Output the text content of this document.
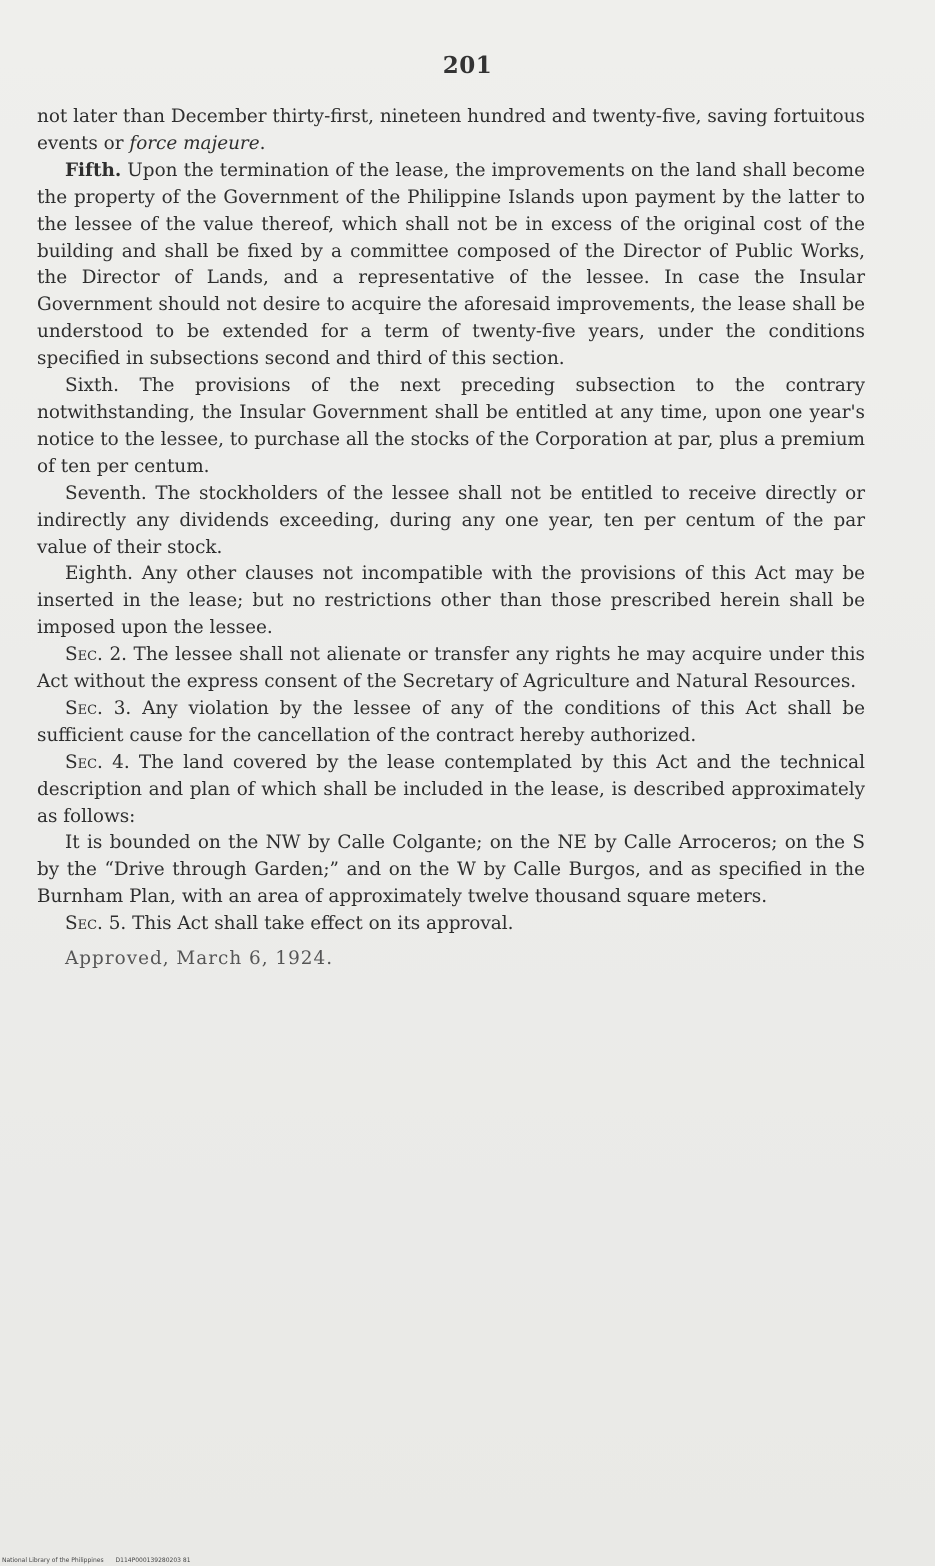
201

not later than December thirty-first, nineteen hundred and twenty-five, saving fortuitous events or force majeure.

Fifth. Upon the termination of the lease, the improvements on the land shall become the property of the Government of the Philippine Islands upon payment by the latter to the lessee of the value thereof, which shall not be in excess of the original cost of the building and shall be fixed by a committee composed of the Director of Public Works, the Director of Lands, and a representative of the lessee. In case the Insular Government should not desire to acquire the aforesaid improvements, the lease shall be understood to be extended for a term of twenty-five years, under the conditions specified in subsections second and third of this section.

Sixth. The provisions of the next preceding subsection to the contrary notwithstanding, the Insular Government shall be entitled at any time, upon one year's notice to the lessee, to purchase all the stocks of the Corporation at par, plus a premium of ten per centum.

Seventh. The stockholders of the lessee shall not be entitled to receive directly or indirectly any dividends exceeding, during any one year, ten per centum of the par value of their stock.

Eighth. Any other clauses not incompatible with the provisions of this Act may be inserted in the lease; but no restrictions other than those prescribed herein shall be imposed upon the lessee.

Sec. 2. The lessee shall not alienate or transfer any rights he may acquire under this Act without the express consent of the Secretary of Agriculture and Natural Resources.

Sec. 3. Any violation by the lessee of any of the conditions of this Act shall be sufficient cause for the cancellation of the contract hereby authorized.

Sec. 4. The land covered by the lease contemplated by this Act and the technical description and plan of which shall be included in the lease, is described approximately as follows:

It is bounded on the NW by Calle Colgante; on the NE by Calle Arroceros; on the S by the “Drive through Garden;” and on the W by Calle Burgos, and as specified in the Burnham Plan, with an area of approximately twelve thousand square meters.

Sec. 5. This Act shall take effect on its approval.

Approved, March 6, 1924.

National Library of the Philippines D114P000139280203 81
